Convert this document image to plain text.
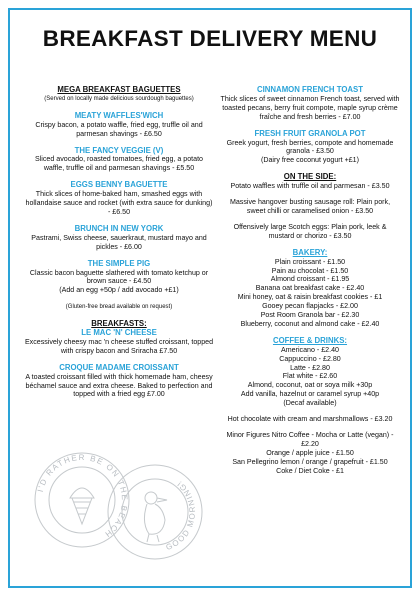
BREAKFAST DELIVERY MENU
MEGA BREAKFAST BAGUETTES
(Served on locally made delicious sourdough baguettes)
MEATY WAFFLES'WICH
Crispy bacon, a potato waffle, fried egg, truffle oil and parmesan shavings - £6.50
THE FANCY VEGGIE (V)
Sliced avocado, roasted tomatoes, fried egg, a potato waffle, truffle oil and parmesan shavings - £5.50
EGGS BENNY BAGUETTE
Thick slices of home-baked ham, smashed eggs with hollandaise sauce and rocket (with extra sauce for dunking) - £6.50
BRUNCH IN NEW YORK
Pastrami, Swiss cheese, sauerkraut, mustard mayo and pickles - £6.00
THE SIMPLE PIG
Classic bacon baguette slathered with tomato ketchup or brown sauce - £4.50
(Add an egg +50p / add avocado +£1)
(Gluten-free bread available on request)
BREAKFASTS:
LE MAC 'N' CHEESE
Excessively cheesy mac 'n cheese stuffed croissant, topped with crispy bacon and Sriracha £7.50
CROQUE MADAME CROISSANT
A toasted croissant filled with thick homemade ham, cheesy béchamel sauce and extra cheese. Baked to perfection and topped with a fried egg £7.00
CINNAMON FRENCH TOAST
Thick slices of sweet cinnamon French toast, served with toasted pecans, berry fruit compote, maple syrup crème fraîche and fresh berries - £7.00
FRESH FRUIT GRANOLA POT
Greek yogurt, fresh berries, compote and homemade granola - £3.50
(Dairy free coconut yogurt +£1)
ON THE SIDE:
Potato waffles with truffle oil and parmesan - £3.50
Massive hangover busting sausage roll: Plain pork, sweet chilli or caramelised onion - £3.50
Offensively large Scotch eggs: Plain pork, leek & mustard or chorizo - £3.50
BAKERY:
Plain croissant - £1.50
Pain au chocolat - £1.50
Almond croissant - £1.95
Banana oat breakfast cake - £2.40
Mini honey, oat & raisin breakfast cookies - £1
Gooey pecan flapjacks - £2.00
Post Room Granola bar - £2.30
Blueberry, coconut and almond cake - £2.40
COFFEE & DRINKS:
Americano - £2.40
Cappuccino - £2.80
Latte - £2.80
Flat white - £2.60
Almond, coconut, oat or soya milk +30p
Add vanilla, hazelnut or caramel syrup +40p
(Decaf available)
Hot chocolate with cream and marshmallows - £3.20
Minor Figures Nitro Coffee - Mocha or Latte (vegan) - £2.20
Orange / apple juice - £1.50
San Pellegrino lemon / orange / grapefruit - £1.50
Coke / Diet Coke - £1
I'D RATHER BE ON THE BEACH
GOOD MORNING!
